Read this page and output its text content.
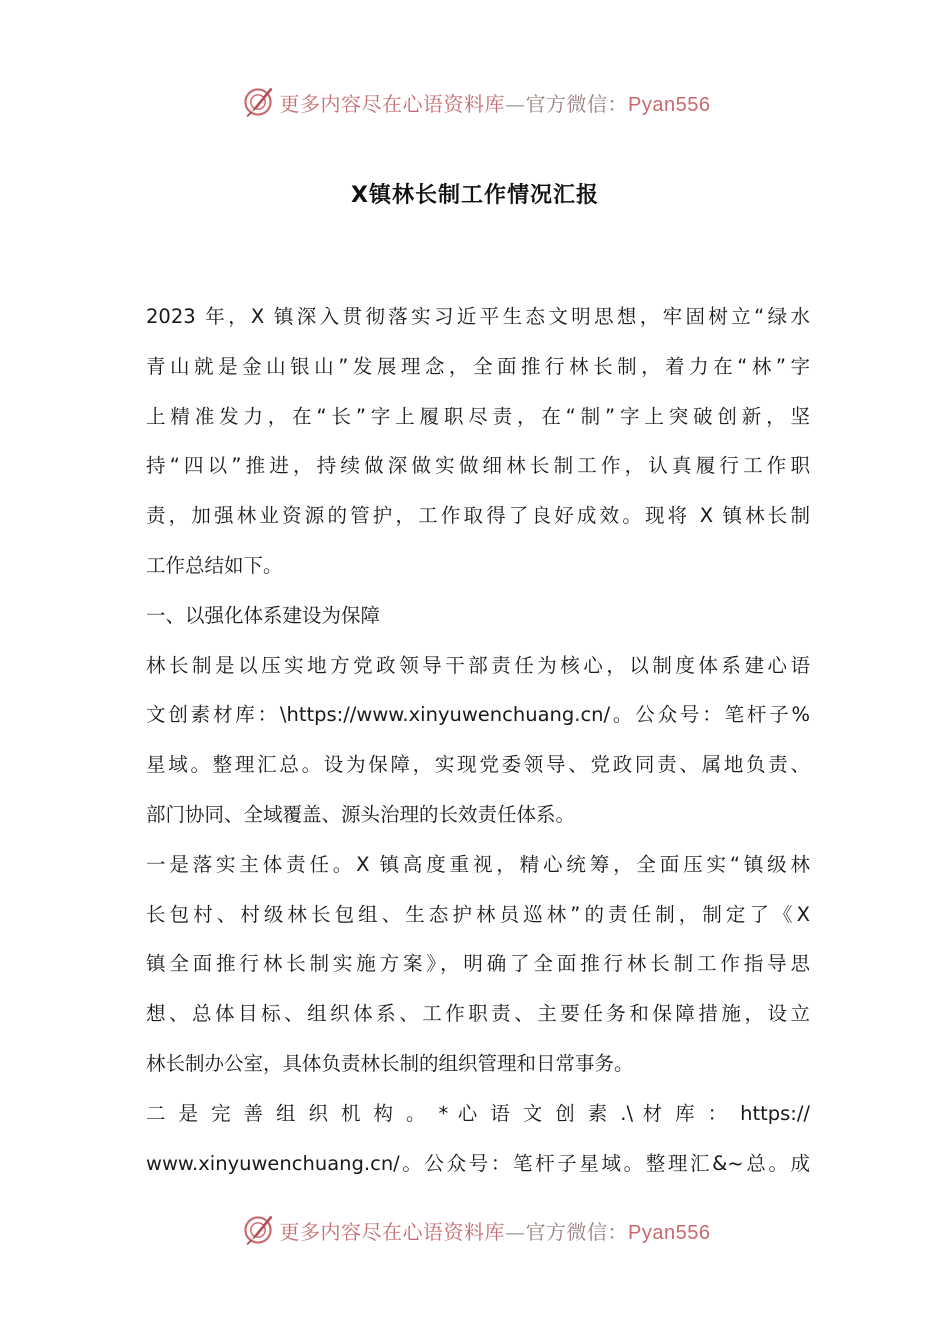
更多内容尽在心语资料库—官方微信：Pyan556
X镇林长制工作情况汇报
2023 年，X 镇深入贯彻落实习近平生态文明思想，牢固树立“绿水
青山就是金山银山”发展理念，全面推行林长制，着力在“林”字
上精准发力，在“长”字上履职尽责，在“制”字上突破创新，坚
持“四以”推进，持续做深做实做细林长制工作，认真履行工作职
责，加强林业资源的管护，工作取得了良好成效。现将 X 镇林长制
工作总结如下。
一、以强化体系建设为保障
林长制是以压实地方党政领导干部责任为核心，以制度体系建心语
文创素材库：\https://www.xinyuwenchuang.cn/。公众号：笔杆子%
星域。整理汇总。设为保障，实现党委领导、党政同责、属地负责、
部门协同、全域覆盖、源头治理的长效责任体系。
一是落实主体责任。X 镇高度重视，精心统筹，全面压实“镇级林
长包村、村级林长包组、生态护林员巡林”的责任制，制定了《X
镇全面推行林长制实施方案》，明确了全面推行林长制工作指导思
想、总体目标、组织体系、工作职责、主要任务和保障措施，设立
林长制办公室，具体负责林长制的组织管理和日常事务。
二 是 完 善 组 织 机 构 。 * 心 语 文 创 素 .\ 材 库 ： https://
www.xinyuwenchuang.cn/。公众号：笔杆子星域。整理汇&~总。成
更多内容尽在心语资料库—官方微信：Pyan556
